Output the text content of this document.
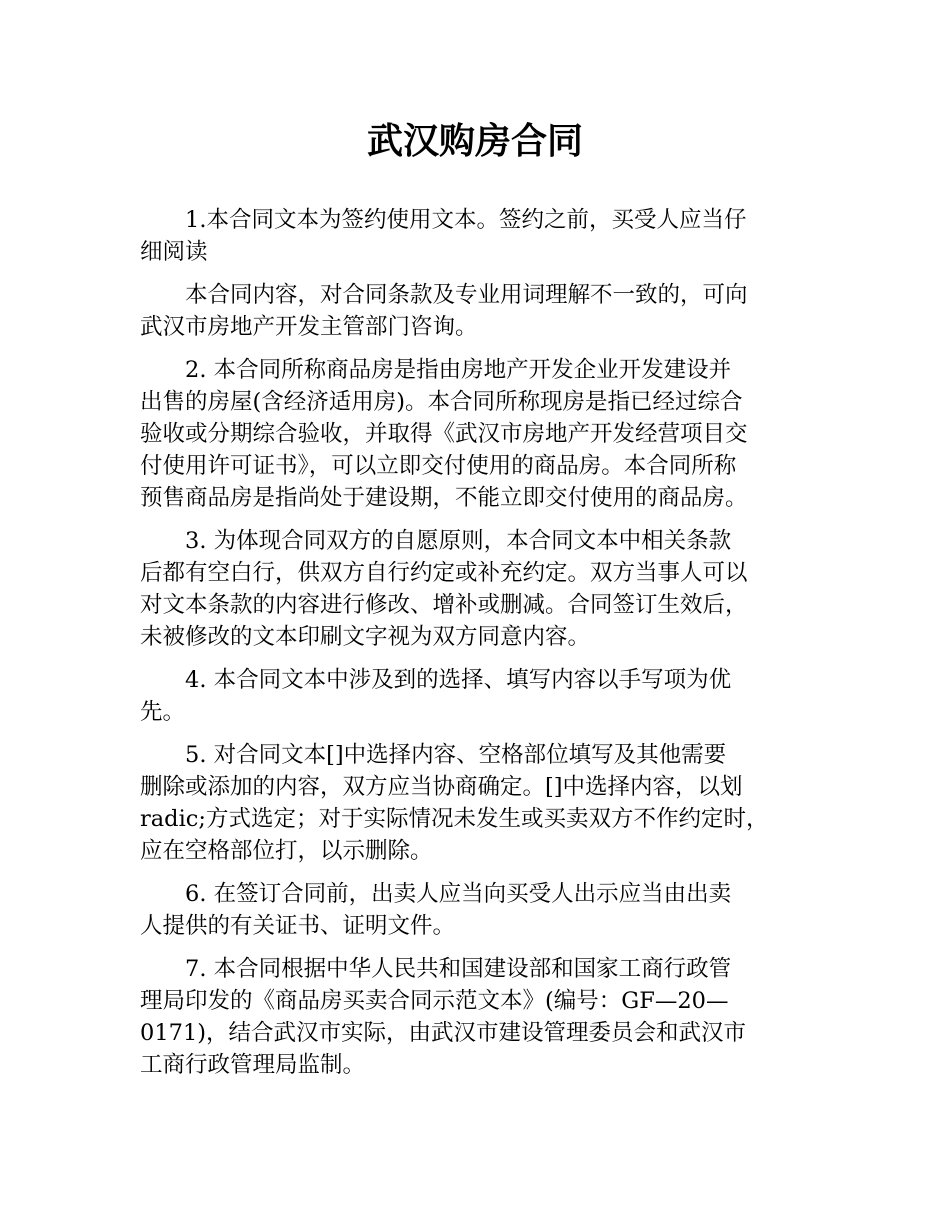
武汉购房合同

1.本合同文本为签约使用文本。签约之前，买受人应当仔
细阅读

本合同内容，对合同条款及专业用词理解不一致的，可向
武汉市房地产开发主管部门咨询。

2. 本合同所称商品房是指由房地产开发企业开发建设并
出售的房屋(含经济适用房)。本合同所称现房是指已经过综合
验收或分期综合验收，并取得《武汉市房地产开发经营项目交
付使用许可证书》，可以立即交付使用的商品房。本合同所称
预售商品房是指尚处于建设期，不能立即交付使用的商品房。

3. 为体现合同双方的自愿原则，本合同文本中相关条款
后都有空白行，供双方自行约定或补充约定。双方当事人可以
对文本条款的内容进行修改、增补或删减。合同签订生效后，
未被修改的文本印刷文字视为双方同意内容。

4. 本合同文本中涉及到的选择、填写内容以手写项为优
先。

5. 对合同文本[]中选择内容、空格部位填写及其他需要
删除或添加的内容，双方应当协商确定。[]中选择内容，以划
radic;方式选定；对于实际情况未发生或买卖双方不作约定时，
应在空格部位打，以示删除。

6. 在签订合同前，出卖人应当向买受人出示应当由出卖
人提供的有关证书、证明文件。

7. 本合同根据中华人民共和国建设部和国家工商行政管
理局印发的《商品房买卖合同示范文本》(编号：GF—20—
0171)，结合武汉市实际，由武汉市建设管理委员会和武汉市
工商行政管理局监制。
